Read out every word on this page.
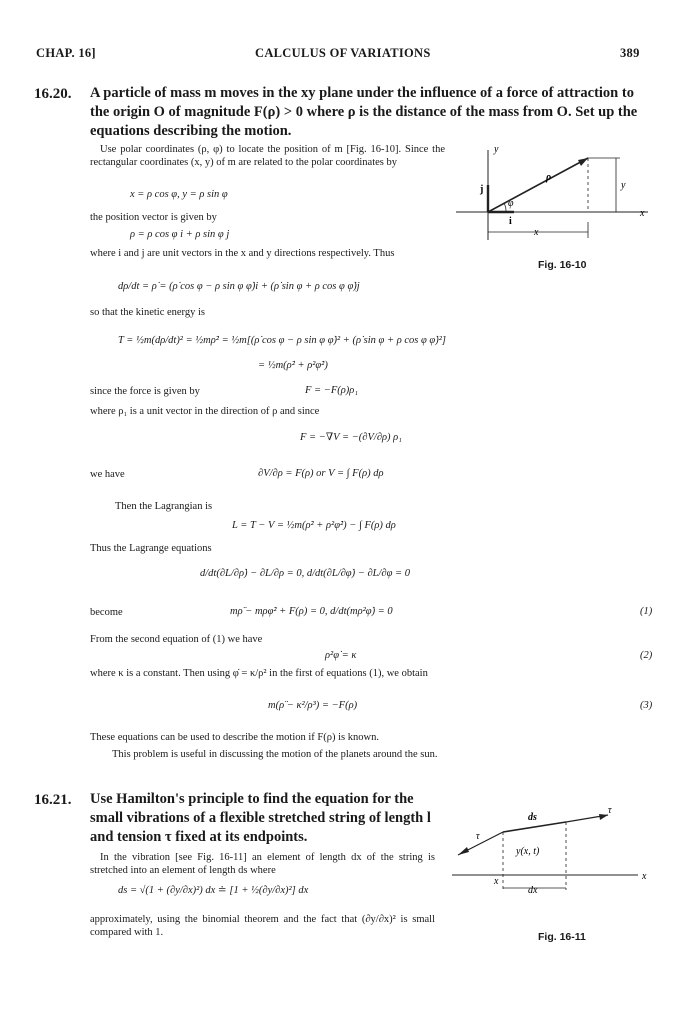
CHAP. 16]	CALCULUS OF VARIATIONS	389
16.20. A particle of mass m moves in the xy plane under the influence of a force of attraction to the origin O of magnitude F(ρ) > 0 where ρ is the distance of the mass from O. Set up the equations describing the motion.
Use polar coordinates (ρ, φ) to locate the position of m [Fig. 16-10]. Since the rectangular coordinates (x, y) of m are related to the polar coordinates by
x = ρ cos φ, y = ρ sin φ
the position vector is given by
ρ = ρ cos φ i + ρ sin φ j
where i and j are unit vectors in the x and y directions respectively. Thus
dρ/dt = ρ̇ = (ρ̇ cos φ − ρ sin φ φ̇)i + (ρ̇ sin φ + ρ cos φ φ̇)j
so that the kinetic energy is
T = ½m(dρ/dt)² = ½mρ̇² = ½m[(ρ̇ cos φ − ρ sin φ φ̇)² + (ρ̇ sin φ + ρ cos φ φ̇)²]
= ½m(ρ̇² + ρ²φ̇²)
since the force is given by	F = −F(ρ)ρ₁
where ρ₁ is a unit vector in the direction of ρ and since
F = −∇V = −(∂V/∂ρ) ρ₁
we have	∂V/∂ρ = F(ρ) or V = ∫ F(ρ) dρ
Then the Lagrangian is
L = T − V = ½m(ρ̇² + ρ²φ̇²) − ∫ F(ρ) dρ
Thus the Lagrange equations
d/dt(∂L/∂ρ̇) − ∂L/∂ρ = 0, d/dt(∂L/∂φ̇) − ∂L/∂φ = 0
become	mρ̈ − mρφ̇² + F(ρ) = 0, d/dt(mρ²φ̇) = 0	(1)
From the second equation of (1) we have
ρ²φ̇ = κ	(2)
where κ is a constant. Then using φ̇ = κ/ρ² in the first of equations (1), we obtain
m(ρ̈ − κ²/ρ³) = −F(ρ)	(3)
These equations can be used to describe the motion if F(ρ) is known.
This problem is useful in discussing the motion of the planets around the sun.
y
x
ρ
φ
i
j	y
x
Fig. 16-10
16.21. Use Hamilton's principle to find the equation for the small vibrations of a flexible stretched string of length l and tension τ fixed at its endpoints.
In the vibration [see Fig. 16-11] an element of length dx of the string is stretched into an element of length ds where
ds = √(1 + (∂y/∂x)²) dx ≐ [1 + ½(∂y/∂x)²] dx
approximately, using the binomial theorem and the fact that (∂y/∂x)² is small compared with 1.
ds
τ
τ
y(x, t)
x
x
dx
Fig. 16-11
